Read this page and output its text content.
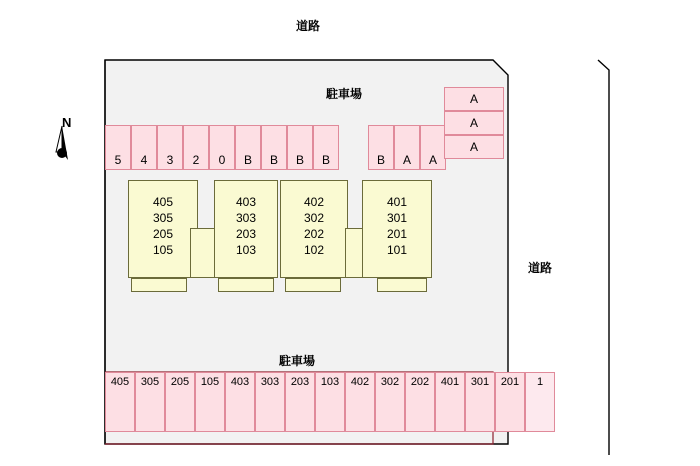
道路
道路
N
駐車場
5	4	3	2	0	B	B	B	B	B	A	A
A
A
A
405
305
205
105
403
303
203
103
402
302
202
102
401
301
201
101
駐車場
405	305	205	105	403	303	203	103	402	302	202	401	301	201	1
